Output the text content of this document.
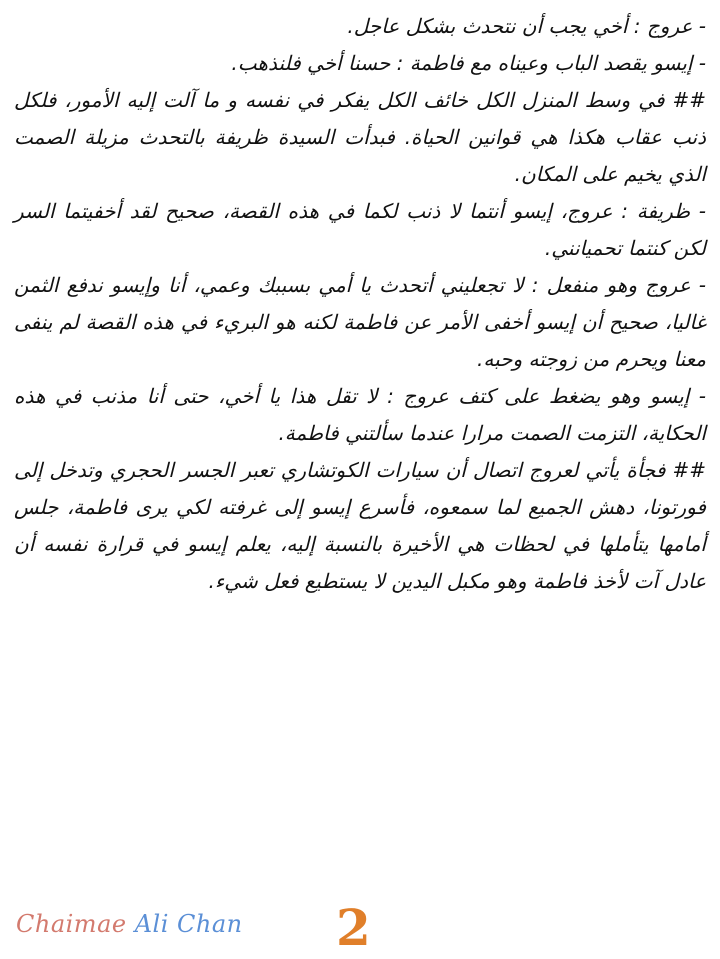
- عروج : أخي يجب أن نتحدث بشكل عاجل.

- إيسو يقصد الباب وعيناه مع فاطمة : حسنا أخي فلنذهب.

## في وسط المنزل الكل خائف الكل يفكر في نفسه و ما آلت إليه الأمور، فلكل ذنب عقاب هكذا هي قوانين الحياة. فبدأت السيدة ظريفة بالتحدث مزيلة الصمت الذي يخيم على المكان.

- ظريفة : عروج، إيسو أنتما لا ذنب لكما في هذه القصة، صحيح لقد أخفيتما السر لكن كنتما تحميانني.

- عروج وهو منفعل : لا تجعليني أتحدث يا أمي بسببك وعمي، أنا وإيسو ندفع الثمن غاليا، صحيح أن إيسو أخفى الأمر عن فاطمة لكنه هو البريء في هذه القصة لم ينفى معنا ويحرم من زوجته وحبه.

- إيسو وهو يضغط على كتف عروج : لا تقل هذا يا أخي، حتى أنا مذنب في هذه الحكاية، التزمت الصمت مرارا عندما سألتني فاطمة.

## فجأة يأتي لعروج اتصال أن سيارات الكوتشاري تعبر الجسر الحجري وتدخل إلى فورتونا، دهش الجميع لما سمعوه، فأسرع إيسو إلى غرفته لكي يرى فاطمة، جلس أمامها يتأملها في لحظات هي الأخيرة بالنسبة إليه، يعلم إيسو في قرارة نفسه أن عادل آت لأخذ فاطمة وهو مكبل اليدين لا يستطيع فعل شيء.

Chaimae Ali Chan 2
